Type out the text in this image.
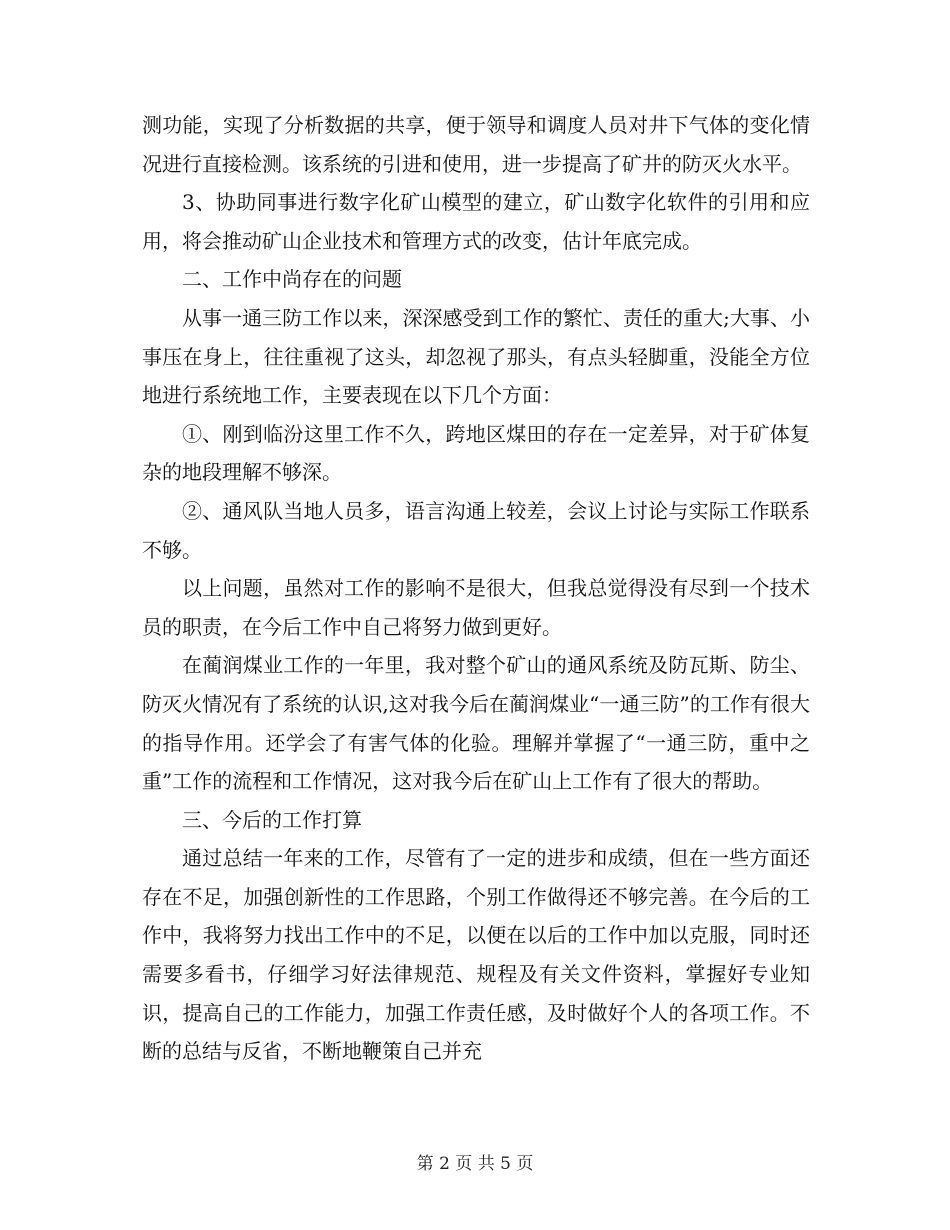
测功能，实现了分析数据的共享，便于领导和调度人员对井下气体的变化情况进行直接检测。该系统的引进和使用，进一步提高了矿井的防灭火水平。

3、协助同事进行数字化矿山模型的建立，矿山数字化软件的引用和应用，将会推动矿山企业技术和管理方式的改变，估计年底完成。

二、工作中尚存在的问题

从事一通三防工作以来，深深感受到工作的繁忙、责任的重大;大事、小事压在身上，往往重视了这头，却忽视了那头，有点头轻脚重，没能全方位地进行系统地工作，主要表现在以下几个方面：

①、刚到临汾这里工作不久，跨地区煤田的存在一定差异，对于矿体复杂的地段理解不够深。

②、通风队当地人员多，语言沟通上较差，会议上讨论与实际工作联系不够。

以上问题，虽然对工作的影响不是很大，但我总觉得没有尽到一个技术员的职责，在今后工作中自己将努力做到更好。

在蔺润煤业工作的一年里，我对整个矿山的通风系统及防瓦斯、防尘、防灭火情况有了系统的认识,这对我今后在蔺润煤业“一通三防”的工作有很大的指导作用。还学会了有害气体的化验。理解并掌握了“一通三防，重中之重”工作的流程和工作情况，这对我今后在矿山上工作有了很大的帮助。

三、今后的工作打算

通过总结一年来的工作，尽管有了一定的进步和成绩，但在一些方面还存在不足，加强创新性的工作思路，个别工作做得还不够完善。在今后的工作中，我将努力找出工作中的不足，以便在以后的工作中加以克服，同时还需要多看书，仔细学习好法律规范、规程及有关文件资料，掌握好专业知识，提高自己的工作能力，加强工作责任感，及时做好个人的各项工作。不断的总结与反省，不断地鞭策自己并充

第 2 页 共 5 页
